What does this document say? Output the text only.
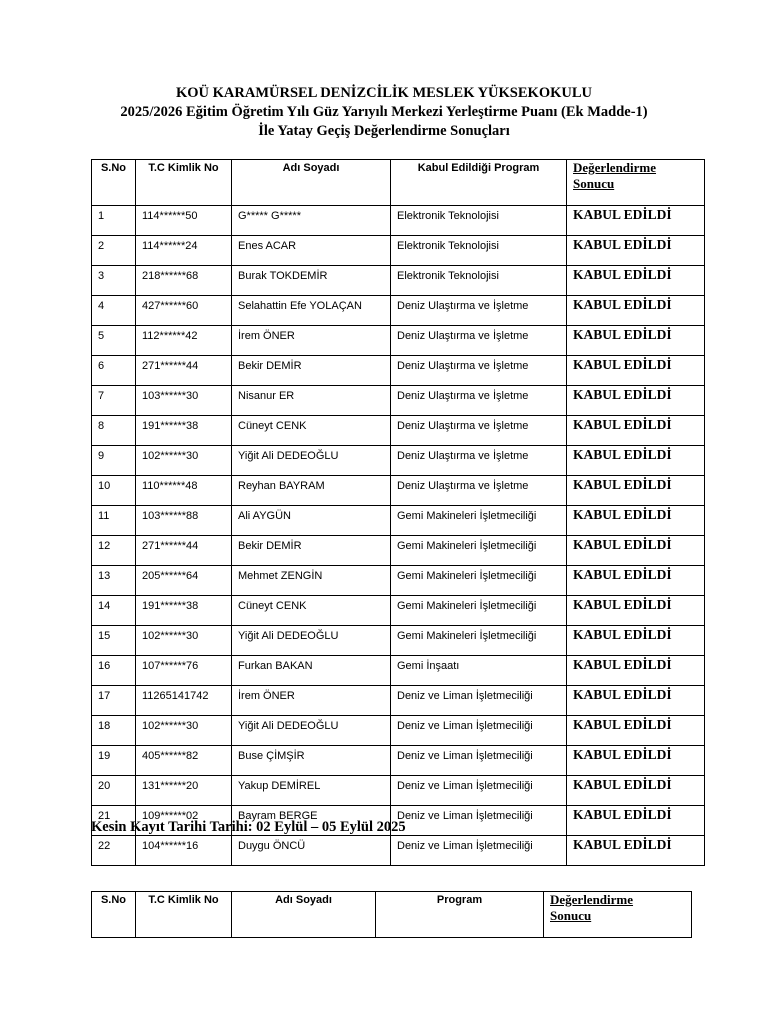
KOÜ KARAMÜRSEL DENİZCİLİK MESLEK YÜKSEKOKULU
2025/2026 Eğitim Öğretim Yılı Güz Yarıyılı Merkezi Yerleştirme Puanı (Ek Madde-1)
İle Yatay Geçiş Değerlendirme Sonuçları
S.No	T.C Kimlik No	Adı Soyadı	Kabul Edildiği Program	Değerlendirme
Sonucu
1	114******50	G***** G*****	Elektronik Teknolojisi	KABUL EDİLDİ
2	114******24	Enes ACAR	Elektronik Teknolojisi	KABUL EDİLDİ
3	218******68	Burak TOKDEMİR	Elektronik Teknolojisi	KABUL EDİLDİ
4	427******60	Selahattin Efe YOLAÇAN	Deniz Ulaştırma ve İşletme	KABUL EDİLDİ
5	112******42	İrem ÖNER	Deniz Ulaştırma ve İşletme	KABUL EDİLDİ
6	271******44	Bekir DEMİR	Deniz Ulaştırma ve İşletme	KABUL EDİLDİ
7	103******30	Nisanur ER	Deniz Ulaştırma ve İşletme	KABUL EDİLDİ
8	191******38	Cüneyt CENK	Deniz Ulaştırma ve İşletme	KABUL EDİLDİ
9	102******30	Yiğit Ali DEDEOĞLU	Deniz Ulaştırma ve İşletme	KABUL EDİLDİ
10	110******48	Reyhan BAYRAM	Deniz Ulaştırma ve İşletme	KABUL EDİLDİ
11	103******88	Ali AYGÜN	Gemi Makineleri İşletmeciliği	KABUL EDİLDİ
12	271******44	Bekir DEMİR	Gemi Makineleri İşletmeciliği	KABUL EDİLDİ
13	205******64	Mehmet ZENGİN	Gemi Makineleri İşletmeciliği	KABUL EDİLDİ
14	191******38	Cüneyt CENK	Gemi Makineleri İşletmeciliği	KABUL EDİLDİ
15	102******30	Yiğit Ali DEDEOĞLU	Gemi Makineleri İşletmeciliği	KABUL EDİLDİ
16	107******76	Furkan BAKAN	Gemi İnşaatı	KABUL EDİLDİ
17	11265141742	İrem ÖNER	Deniz ve Liman İşletmeciliği	KABUL EDİLDİ
18	102******30	Yiğit Ali DEDEOĞLU	Deniz ve Liman İşletmeciliği	KABUL EDİLDİ
19	405******82	Buse ÇİMŞİR	Deniz ve Liman İşletmeciliği	KABUL EDİLDİ
20	131******20	Yakup DEMİREL	Deniz ve Liman İşletmeciliği	KABUL EDİLDİ
21	109******02	Bayram BERGE	Deniz ve Liman İşletmeciliği	KABUL EDİLDİ
22	104******16	Duygu ÖNCÜ	Deniz ve Liman İşletmeciliği	KABUL EDİLDİ
Kesin Kayıt Tarihi Tarihi: 02 Eylül – 05 Eylül 2025
S.No	T.C Kimlik No	Adı Soyadı	Program	Değerlendirme
Sonucu
